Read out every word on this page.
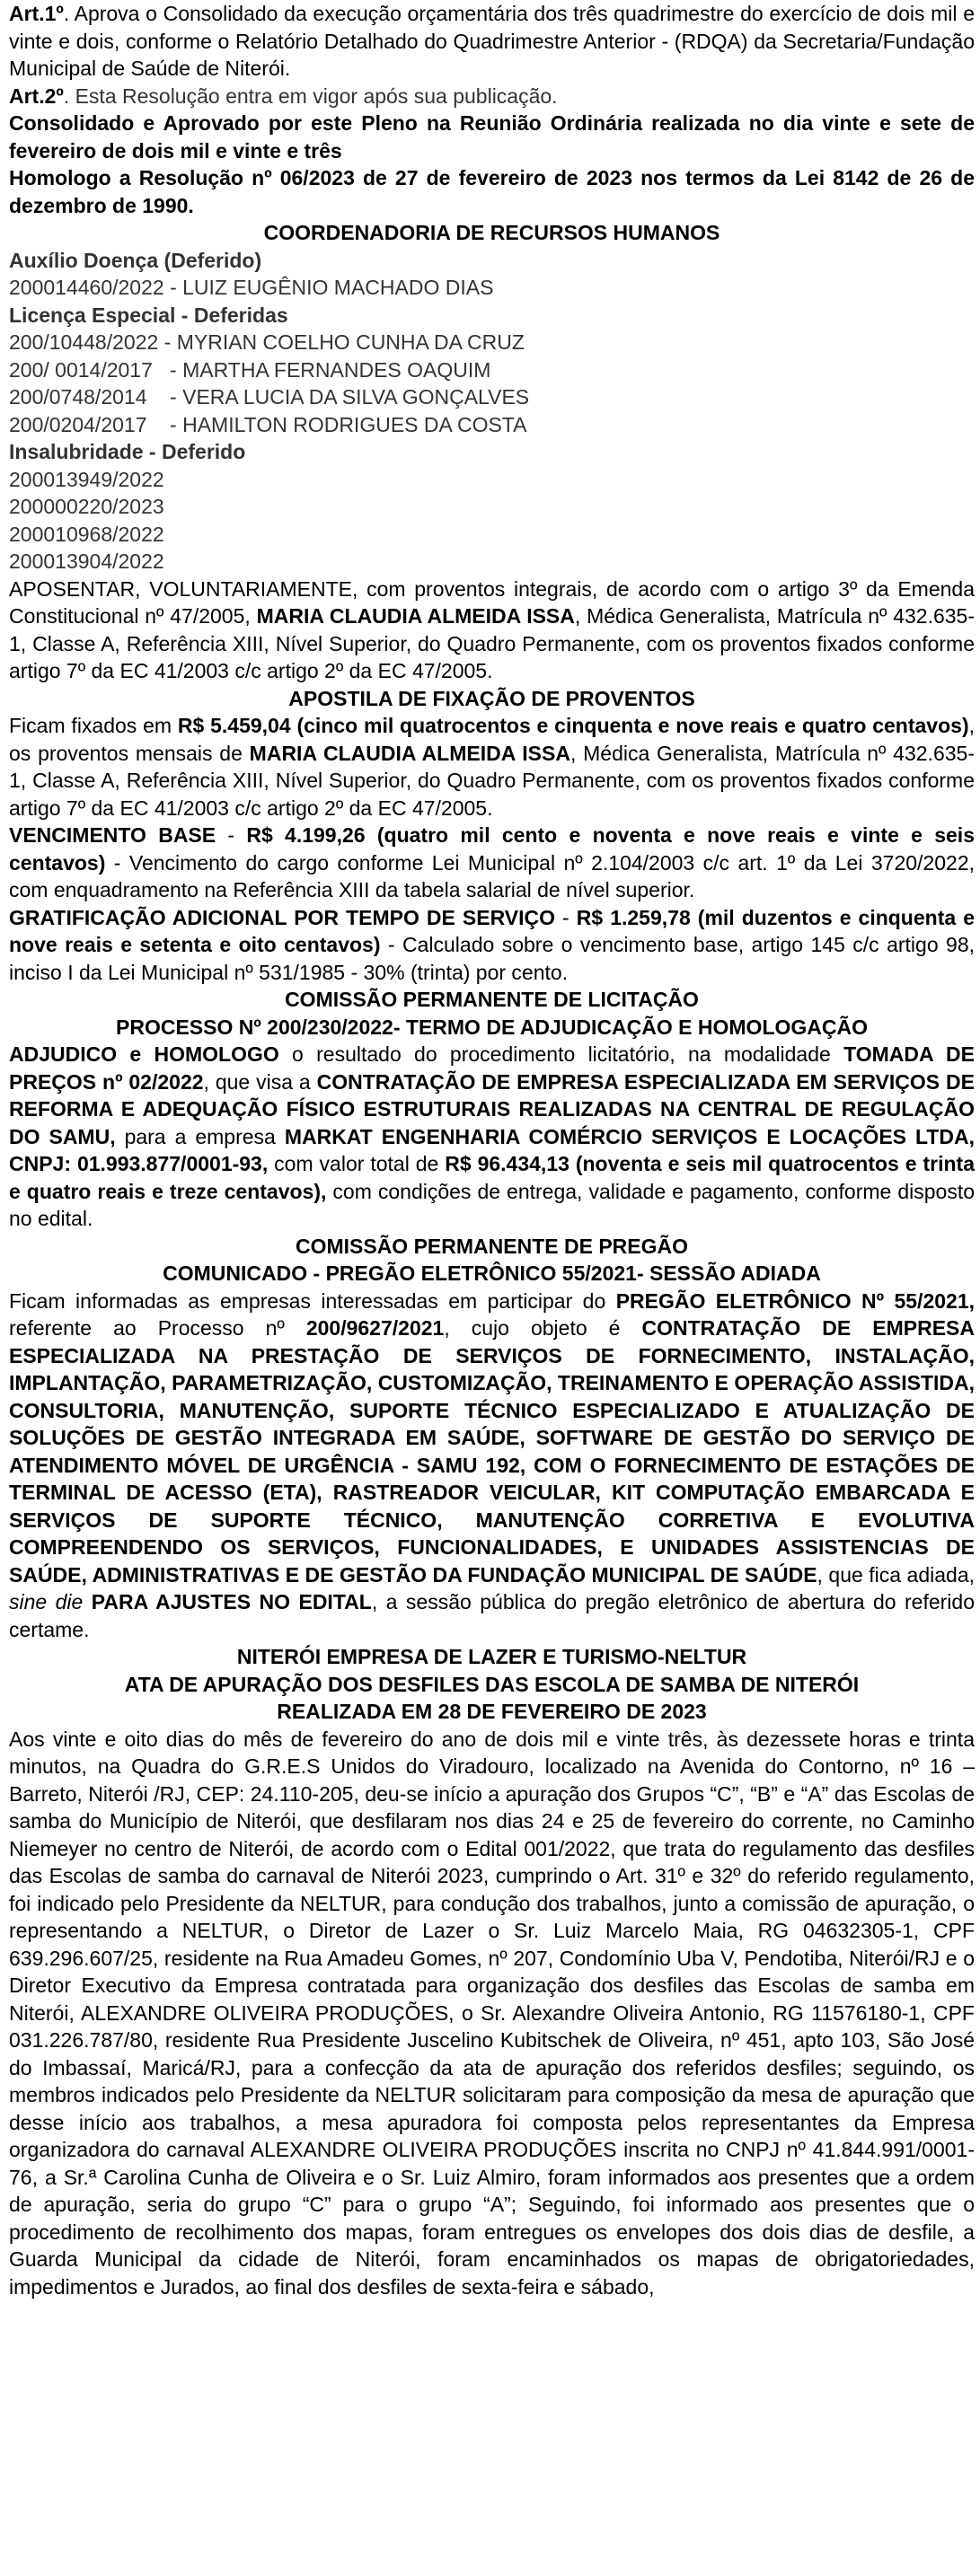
Art.1º. Aprova o Consolidado da execução orçamentária dos três quadrimestre do exercício de dois mil e vinte e dois, conforme o Relatório Detalhado do Quadrimestre Anterior - (RDQA) da Secretaria/Fundação Municipal de Saúde de Niterói.
Art.2º. Esta Resolução entra em vigor após sua publicação.
Consolidado e Aprovado por este Pleno na Reunião Ordinária realizada no dia vinte e sete de fevereiro de dois mil e vinte e três
Homologo a Resolução nº 06/2023 de 27 de fevereiro de 2023 nos termos da Lei 8142 de 26 de dezembro de 1990.
COORDENADORIA DE RECURSOS HUMANOS
Auxílio Doença (Deferido)
200014460/2022 - LUIZ EUGÊNIO MACHADO DIAS
Licença Especial - Deferidas
200/10448/2022 - MYRIAN COELHO CUNHA DA CRUZ
200/ 0014/2017   - MARTHA FERNANDES OAQUIM
200/0748/2014    - VERA LUCIA DA SILVA GONÇALVES
200/0204/2017    - HAMILTON RODRIGUES DA COSTA
Insalubridade - Deferido
200013949/2022
200000220/2023
200010968/2022
200013904/2022
APOSENTAR, VOLUNTARIAMENTE, com proventos integrais, de acordo com o artigo 3º da Emenda Constitucional nº 47/2005, MARIA CLAUDIA ALMEIDA ISSA, Médica Generalista, Matrícula nº 432.635-1, Classe A, Referência XIII, Nível Superior, do Quadro Permanente, com os proventos fixados conforme artigo 7º da EC 41/2003 c/c artigo 2º da EC 47/2005.
APOSTILA DE FIXAÇÃO DE PROVENTOS
Ficam fixados em R$ 5.459,04 (cinco mil quatrocentos e cinquenta e nove reais e quatro centavos), os proventos mensais de MARIA CLAUDIA ALMEIDA ISSA, Médica Generalista, Matrícula nº 432.635-1, Classe A, Referência XIII, Nível Superior, do Quadro Permanente, com os proventos fixados conforme artigo 7º da EC 41/2003 c/c artigo 2º da EC 47/2005.
VENCIMENTO BASE - R$ 4.199,26 (quatro mil cento e noventa e nove reais e vinte e seis centavos) - Vencimento do cargo conforme Lei Municipal nº 2.104/2003 c/c art. 1º da Lei 3720/2022, com enquadramento na Referência XIII da tabela salarial de nível superior.
GRATIFICAÇÃO ADICIONAL POR TEMPO DE SERVIÇO - R$ 1.259,78 (mil duzentos e cinquenta e nove reais e setenta e oito centavos) - Calculado sobre o vencimento base, artigo 145 c/c artigo 98, inciso I da Lei Municipal nº 531/1985 - 30% (trinta) por cento.
COMISSÃO PERMANENTE DE LICITAÇÃO
PROCESSO Nº 200/230/2022- TERMO DE ADJUDICAÇÃO E HOMOLOGAÇÃO
ADJUDICO e HOMOLOGO o resultado do procedimento licitatório, na modalidade TOMADA DE PREÇOS nº 02/2022, que visa a CONTRATAÇÃO DE EMPRESA ESPECIALIZADA EM SERVIÇOS DE REFORMA E ADEQUAÇÃO FÍSICO ESTRUTURAIS REALIZADAS NA CENTRAL DE REGULAÇÃO DO SAMU, para a empresa MARKAT ENGENHARIA COMÉRCIO SERVIÇOS E LOCAÇÕES LTDA, CNPJ: 01.993.877/0001-93, com valor total de R$ 96.434,13 (noventa e seis mil quatrocentos e trinta e quatro reais e treze centavos), com condições de entrega, validade e pagamento, conforme disposto no edital.
COMISSÃO PERMANENTE DE PREGÃO
COMUNICADO - PREGÃO ELETRÔNICO 55/2021- SESSÃO ADIADA
Ficam informadas as empresas interessadas em participar do PREGÃO ELETRÔNICO Nº 55/2021, referente ao Processo nº 200/9627/2021, cujo objeto é CONTRATAÇÃO DE EMPRESA ESPECIALIZADA NA PRESTAÇÃO DE SERVIÇOS DE FORNECIMENTO, INSTALAÇÃO, IMPLANTAÇÃO, PARAMETRIZAÇÃO, CUSTOMIZAÇÃO, TREINAMENTO E OPERAÇÃO ASSISTIDA, CONSULTORIA, MANUTENÇÃO, SUPORTE TÉCNICO ESPECIALIZADO E ATUALIZAÇÃO DE SOLUÇÕES DE GESTÃO INTEGRADA EM SAÚDE, SOFTWARE DE GESTÃO DO SERVIÇO DE ATENDIMENTO MÓVEL DE URGÊNCIA - SAMU 192, COM O FORNECIMENTO DE ESTAÇÕES DE TERMINAL DE ACESSO (ETA), RASTREADOR VEICULAR, KIT COMPUTAÇÃO EMBARCADA E SERVIÇOS DE SUPORTE TÉCNICO, MANUTENÇÃO CORRETIVA E EVOLUTIVA COMPREENDENDO OS SERVIÇOS, FUNCIONALIDADES, E UNIDADES ASSISTENCIAS DE SAÚDE, ADMINISTRATIVAS E DE GESTÃO DA FUNDAÇÃO MUNICIPAL DE SAÚDE, que fica adiada, sine die PARA AJUSTES NO EDITAL, a sessão pública do pregão eletrônico de abertura do referido certame.
NITERÓI EMPRESA DE LAZER E TURISMO-NELTUR
ATA DE APURAÇÃO DOS DESFILES DAS ESCOLA DE SAMBA DE NITERÓI
REALIZADA EM 28 DE FEVEREIRO DE 2023
Aos vinte e oito dias do mês de fevereiro do ano de dois mil e vinte três, às dezessete horas e trinta minutos, na Quadra do G.R.E.S Unidos do Viradouro, localizado na Avenida do Contorno, nº 16 – Barreto, Niterói /RJ, CEP: 24.110-205, deu-se início a apuração dos Grupos “C”, “B” e “A” das Escolas de samba do Município de Niterói, que desfilaram nos dias 24 e 25 de fevereiro do corrente, no Caminho Niemeyer no centro de Niterói, de acordo com o Edital 001/2022, que trata do regulamento das desfiles das Escolas de samba do carnaval de Niterói 2023, cumprindo o Art. 31º e 32º do referido regulamento, foi indicado pelo Presidente da NELTUR, para condução dos trabalhos, junto a comissão de apuração, o representando a NELTUR, o Diretor de Lazer o Sr. Luiz Marcelo Maia, RG 04632305-1, CPF 639.296.607/25, residente na Rua Amadeu Gomes, nº 207, Condomínio Uba V, Pendotiba, Niterói/RJ e o Diretor Executivo da Empresa contratada para organização dos desfiles das Escolas de samba em Niterói, ALEXANDRE OLIVEIRA PRODUÇÕES, o Sr. Alexandre Oliveira Antonio, RG 11576180-1, CPF 031.226.787/80, residente Rua Presidente Juscelino Kubitschek de Oliveira, nº 451, apto 103, São José do Imbassaí, Maricá/RJ, para a confecção da ata de apuração dos referidos desfiles; seguindo, os membros indicados pelo Presidente da NELTUR solicitaram para composição da mesa de apuração que desse início aos trabalhos, a mesa apuradora foi composta pelos representantes da Empresa organizadora do carnaval ALEXANDRE OLIVEIRA PRODUÇÕES inscrita no CNPJ nº 41.844.991/0001-76, a Sr.ª Carolina Cunha de Oliveira e o Sr. Luiz Almiro, foram informados aos presentes que a ordem de apuração, seria do grupo “C” para o grupo “A”; Seguindo, foi informado aos presentes que o procedimento de recolhimento dos mapas, foram entregues os envelopes dos dois dias de desfile, a Guarda Municipal da cidade de Niterói, foram encaminhados os mapas de obrigatoriedades, impedimentos e Jurados, ao final dos desfiles de sexta-feira e sábado,
